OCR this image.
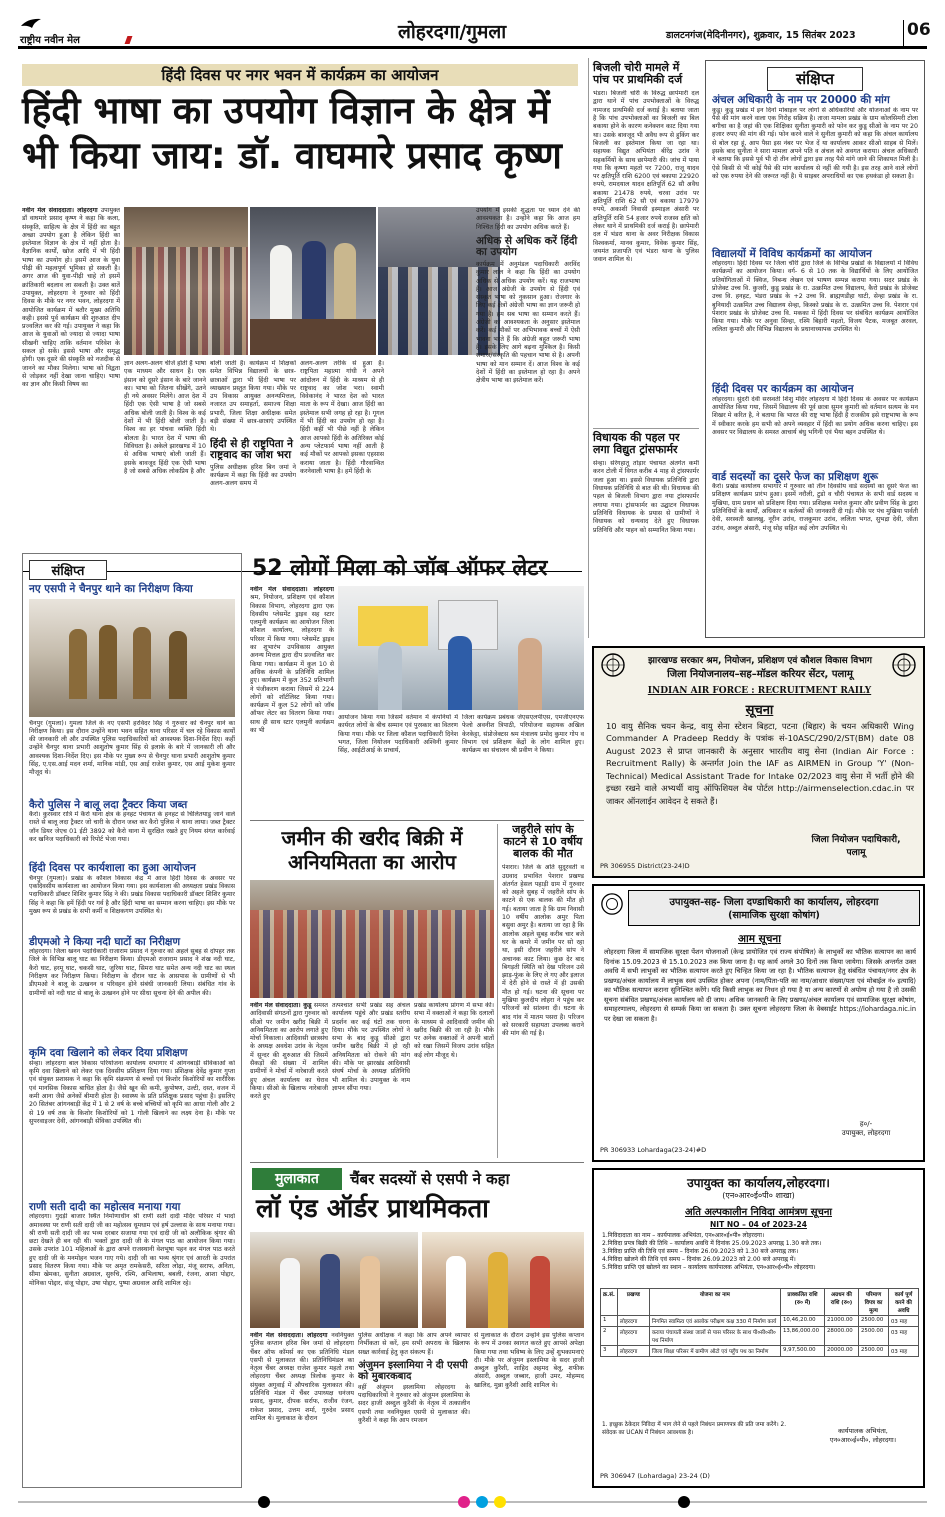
राष्ट्रीय नवीन मेल	लोहरदगा/गुमला	डालटनगंज(मेदिनीनगर), शुक्रवार, 15 सितंबर 2023	06
हिंदी दिवस पर नगर भवन में कार्यक्रम का आयोजन
हिंदी भाषा का उपयोग विज्ञान के क्षेत्र में
भी किया जाय: डॉ. वाघमारे प्रसाद कृष्ण
नवीन मेल संवाददाता। लोहरदगा उपायुक्त डॉ वाघमारे प्रसाद कृष्ण ने कहा कि कला, संस्कृति, साहित्य के क्षेत्र में हिंदी का बहुत अच्छा उपयोग हुआ है लेकिन हिंदी का इस्तेमाल विज्ञान के क्षेत्र में नहीं होता है। वैज्ञानिक कार्यों, खोज आदि में भी हिंदी भाषा का उपयोग हो। इसमें आज के युवा पीढ़ी की महत्वपूर्ण भूमिका हो सकती है। अगर आज की युवा-पीढ़ी चाहे तो इसमें क्रांतिकारी बदलाव ला सकती है। उक्त बातें उपायुक्त, लोहरदगा ने गुरुवार को हिंदी दिवस के मौके पर नगर भवन, लोहरदगा में आयोजित कार्यक्रम में बतौर मुख्य अतिथि कही। इससे पूर्व कार्यक्रम की शुरुआत दीप प्रज्वलित कर की गई। उपायुक्त ने कहा कि आज के युवाओं को ज्यादा से ज्यादा भाषा सीखनी चाहिए ताकि वर्तमान परिवेश के सकल हो सकें। इससे भाषा और समृद्ध होगी। एक दूसरे की संस्कृति को नजदीक से जानने का मौका मिलेगा। भाषा को विद्वता से जोड़कर नहीं देखा जाना चाहिए। भाषा का ज्ञान और किसी विषय का
ज्ञान अलग-अलग चीजें होती हैं भाषा एक माध्यम और साधन है। एक इंसान को दूसरे इंसान के बारे जानने का। भाषा को जितना सीखेंगे, उतने ही नये अवसर मिलेंगे। आज देश में हिंदी एक ऐसी भाषा है जो सबसे अधिक बोली जाती है। विश्व के कई देशों में भी हिंदी बोली जाती है। विश्व का हर पांचवा व्यक्ति हिंदी बोलता है। भारत देश में भाषा की विविधता है। अकेले झारखण्ड में 10 से अधिक भाषाएं बोली जाती हैं। इसके बावजूद हिंदी एक ऐसी भाषा है जो सबसे अधिक लोकप्रिय है और
बोली जाती है। कार्यक्रम में शिक्षकों समेत विभिन्न विद्यालयों के छात्र-छात्राओं द्वारा भी हिंदी भाषा पर व्याख्यान प्रस्तुत किया गया। मौके पर उप विकास आयुक्त अनन्यमित्तल, नजारत उप समाहर्ता, समाज्य शिक्षा प्रभारी, जिला शिक्षा अधीक्षक समेत बड़ी संख्या में छात्र-छात्राएं उपस्थित थे।
हिंदी से ही राष्ट्रपिता ने राष्ट्रवाद का जोश भरा
पुलिस अधीक्षक हरिश बिन जमां ने कार्यक्रम में कहा कि हिंदी का उपयोग अलग-अलग समय में
अलग-अलग तरीके से हुआ है। राष्ट्रपिता महात्मा गांधी ने अपने आंदोलन में हिंदी के माध्यम से ही राष्ट्रवाद का जोश भरा। स्वामी विवेकानंद ने भारत देश को भारत माता के रूप में देखा। आज हिंदी का इस्तेमाल सभी जगह हो रहा है। गूगल में भी हिंदी का उपयोग हो रहा है। हिंदी कहीं भी पीछे नहीं है लेकिन आज आपको हिंदी के अतिरिक्त कोई अन्य प्लेटफार्म भाषा नहीं आती है कई मौकों पर आपको इसका एहसास कराया जाता है। हिंदी गौरवान्वित करनेवाली भाषा है। हमें हिंदी के
उपयोग में इसकी शुद्धता पर ध्यान देने की आवश्यकता है। उन्होंने कहा कि आज हम निश्चित हिंदी का उपयोग अधिक करते हैं।
अधिक से अधिक करें हिंदी का उपयोग
कार्यक्रम में अनुमंडल पदाधिकारी अरविंद कुमार लाल ने कहा कि हिंदी का उपयोग अधिक से अधिक उपयोग करें। यह राजभाषा है। आज अंग्रेजी के उपयोग से हिंदी एवं संस्कृत भाषा को नुकसान हुआ। रोजगार के लिए कई क्षेत्रों अंग्रेजी भाषा का ज्ञान जरूरी हो गया है। हम सब भाषा का सम्मान करते हैं। अंग्रेजी का आवश्यकता के अनुसार इस्तेमाल करें। कई मौकों पर अभिभावक बच्चों में ऐसी भावना भरते हैं कि अंग्रेजी बहुत जरूरी भाषा है। इसके लिए आगे बढ़ना मुश्किल है। किसी समाज/संस्कृति की पहचान भाषा से है। अपनी भाषा को मान सम्मान दें। आज विश्व के कई देशों में हिंदी का इस्तेमाल हो रहा है। अपने क्षेत्रीय भाषा का इस्तेमाल करें।
बिजली चोरी मामले में पांच पर प्राथमिकी दर्ज
भंडरा। बिजली चोरी के विरुद्ध छापेमारी दल द्वारा थाने में पांच उपभोक्ताओं के विरुद्ध नामजद प्राथमिकी दर्ज कराई है। बताया जाता है कि पांच उपभोक्ताओं का बिजली का बिल बकाया होने के कारण कनेक्शन काट दिया गया था। उसके बावजूद भी अवैध रूप से हुकिंग कर बिजली का इस्तेमाल किया जा रहा था। सहायक विद्युत अभियंता बीरेंद्र उरांव ने सहकर्मियों के साथ छापेमारी की। जांच में पाया गया कि कृष्णा महतो पर 7200, राजू यादव पर क्षतिपूर्ति राशि 6200 एवं बकाया 22920 रुपये, रामदयाल यादव क्षतिपूर्ति 62 सौ अवैध बकाया 21478 रुपये, चरवा उरांव पर क्षतिपूर्ति राशि 62 सौ एवं बकाया 17979 रुपये, अकाशी निवासी इस्माइल अंसारी पर क्षतिपूर्ति राशि 54 हजार रुपये राजस्व क्षति को लेकर थाने में प्राथमिकी दर्ज कराई है। छापेमारी दल में भंडरा थाना के अवर निरीक्षक विकास विश्वकर्मा, मानव कुमार, विवेक कुमार सिंह, जयमंत प्रजापति एवं भंडरा थाना के पुलिस जवान शामिल थे।
विधायक की पहल पर लगा विद्युत ट्रांसफार्मर
सेन्हा। सेरेंगहातू तोड़ार पंचायत अंतर्गत कर्मी करन टोली में विगत करीब 4 माह से ट्रांसफार्मर जला हुआ था। इससे विधायक प्रतिनिधि द्वारा विधायक प्रतिनिधि से बात की थी। विधायक की पहल से बिजली विभाग द्वारा नया ट्रांसफार्मर लगाया गया। ट्रांसफार्मर का उद्घाटन विधायक प्रतिनिधि विधायक के प्रयास से ग्रामीणों ने विधायक को धन्यवाद देते हुए विधायक प्रतिनिधि और पाहन को सम्मानित किया गया।
संक्षिप्त
अंचल अधिकारी के नाम पर 20000 की मांग
कुडू। कुडू प्रखंड में इन दिनों मोबाइल पर लोगों से अधिकारियों और योजनाओं के नाम पर पैसे की मांग करने वाला एक गिरोह सक्रिय है। ताजा मामला प्रखंड के ग्राम कोलसिमरी टोला बगीचा का है जहां की एक शिक्षिका सुनीता कुमारी को फोन कर कुडू सीओ के नाम पर 20 हजार रुपए की मांग की गई। फोन करने वाले ने सुनीता कुमारी को कहा कि अंचल कार्यालय से बोल रहा हूं, आप पैसा इस नंबर पर भेज दें या कार्यालय आकर सीओ साहब से मिलें। इसके बाद सुनीता ने सारा मामला अपने पति व अंचल को अवगत कराया। अंचल अधिकारी ने बताया कि इससे पूर्व भी दो तीन लोगों द्वारा इस तरह पैसे मांगे जाने की शिकायत मिली है। ऐसे किसी से भी कोई पैसे की मांग कार्यालय से नहीं की गयी है। इस तरह आने वाले लोगों को एक रुपया देने की जरूरत नहीं है। ये साइबर अपराधियों का एक हथकंडा हो सकता है।
विद्यालयों में विविध कार्यक्रमों का आयोजन
लोहरदगा। हिंदी दिवस पर जिला चौरी द्वारा जिले के विभिन्न प्रखंडों के विद्यालयों में विविध कार्यक्रमों का आयोजन किया। वर्ग- 6 से 10 तक के विद्यार्थियों के लिए आयोजित प्रतियोगिताओं में क्विज, निबन्ध लेखन एवं भाषण सम्पन्न कराया गया। सदर प्रखंड के प्रोजेक्ट उच्च वि. कुजरी, कुडू प्रखंड के रा. उत्क्रमित उच्च विद्यालय, कैरो प्रखंड के प्रोजेक्ट उच्च वि. हनहट, भंडरा प्रखंड के +2 उच्च वि. ब्राह्मणडीहा घाटी, सेन्हा प्रखंड के रा. बुनियादी उत्क्रमित उच्च विद्यालय सेन्हा, किस्को प्रखंड के रा. उत्क्रमित उच्च वि. पेशरार एवं पेशरार प्रखंड के प्रोजेक्ट उच्च वि. मकका में हिंदी दिवस पर संबंधित कार्यक्रम आयोजित किया गया। मौके पर अनुवा सिन्हा, रश्मि बिहारी महतो, विजय पैटक, मजबूत अरवल, ललिता कुमारी और विभिन्न विद्यालय के प्रधानाध्यापक उपस्थित थे।
हिंदी दिवस पर कार्यक्रम का आयोजन
लोहरदगा। सुंदरी देवी सरस्वती शिशु मंदिर लोहरदगा में हिंदी दिवस के अवसर पर कार्यक्रम आयोजित किया गया, जिसमें विद्यालय की पूर्व छात्रा सुमन कुमारी को वर्तमान सत्यम के मन शिखर मे करित है, ने बताया कि भारत की राष्ट्र भाषा हिंदी है राजकीय इसे राष्ट्रभाषा के रूप में स्वीकार करके हम सभी को अपने व्यवहार में हिंदी का प्रयोग अधिक करना चाहिए। इस अवसर पर विद्यालय के समस्त आचार्य बंधु भगिनी एवं भैया बहन उपस्थित थे।
वार्ड सदस्यों का दूसरे फेज का प्रशिक्षण शुरू
कैरो। प्रखंड कार्यालय सभागार में गुरुवार को तीन दिवसीय वार्ड सदस्यों का दूसरे फेज का प्रशिक्षण कार्यक्रम प्रारंभ हुआ। इसमें नरौली, टुडो व चौरी पंचायत के सभी वार्ड सदस्य व मुखिया, ग्राम प्रधान को प्रशिक्षण दिया गया। प्रशिक्षक मनोज कुमार और प्रवीण सिंह के द्वारा प्रतिनिधियों के कार्यों, अधिकार व कर्तव्यों की जानकारी दी गई। मौके पर पंच मुखिया पार्वती देवी, सरस्वती खालखु, नूरीन उरांव, राजकुमार उरांव, ललिता भगत, सुभद्रा देवी, जीता उरांव, अब्दुल अंसारी, मंजू सोह सहित कई लोग उपस्थित थे।
संक्षिप्त
नए एसपी ने चैनपुर थाने का निरीक्षण किया
चैनपुर (गुमला)। गुमला जिले के नए एसपी हरविंदर सिंह ने गुरुवार को चैनपुर थाने का निरीक्षण किया। इस दौरान उन्होंने थाना भवन सहित थाना परिसर में चल रहे विकास कार्यों की जानकारी ली और उपस्थित पुलिस पदाधिकारियों को आवश्यक दिशा-निर्देश दिए। कहीं उन्होंने चैनपुर थाना प्रभारी आशुतोष कुमार सिंह से इलाके के बारे में जानकारी ली और आवश्यक दिशा-निर्देश दिए। इस मौके पर मुख्य रूप से चैनपुर थाना प्रभारी आशुतोष कुमार सिंह, ए.एस.आई मदन शर्मा, मानिक मांडी, एस आई राजेश कुमार, एस आई मुकेश कुमार मौजूद थे।
कैरो पुलिस ने बालू लदा ट्रैक्टर किया जब्त
कैरो। कुरस्वार रात्रि में कैरो थाना क्षेत्र के हनहट पंचायत के हनहट से चिलितयाडु जाने वाले रास्ते से बालू लदा ट्रैक्टर जो चारी के दौरान जब्त कर कैरो पुलिस ने थाना लाया। जब्त ट्रैक्टर जॉन डियर जेएच 01 ईटी 3892 को कैरो थाना में सुरक्षित रखते हुए नियम संगत कार्रवाई कर खनिज पदाधिकारी को रिपोर्ट भेजा गया।
हिंदी दिवस पर कार्यशाला का हुआ आयोजन
चैनपुर (गुमला)। प्रखंड के कौशल विकास केंद्र में आज हिंदी दिवस के अवसर पर एकदिवसीय कार्यशाला का आयोजन किया गया। इस कार्यशाला की अध्यक्षता प्रखंड विकास पदाधिकारी डॉक्टर शिशिर कुमार सिंह ने की। प्रखंड विकास पदाधिकारी डॉक्टर शिशिर कुमार सिंह ने कहा कि हमें हिंदी पर गर्व है और हिंदी भाषा का सम्मान करना चाहिए। इस मौके पर मुख्य रूप से प्रखंड के सभी कर्मी व शिक्षकगण उपस्थित थे।
डीएमओ ने किया नदी घाटों का निरीक्षण
लोहरदगा। जिला खनन पदाधिकारी राजाराम प्रसाद ने गुरुवार को अहले सुबह से दोपहर तक जिले के विभिन्न बालू घाट का निरीक्षण किया। डीएमओ राजाराम प्रसाद ने शंख नदी घाट, कैरो घाट, हरमू घाट, चकसी घाट, जुरिया घाट, सिमरा घाट समेत अन्य नदी घाट का स्थल निरीक्षण कर निरीक्षण किया। निरीक्षण के दौरान घाट के आसपास के ग्रामीणों से भी डीएमओ ने बालू के उत्खनन व परिवहन होने संबंधी जानकारी लिया। संबंधित गांव के ग्रामीणों को नदी घाट से बालू के उत्खनन होने पर सीधा सूचना देने की अपील की।
कृमि दवा खिलाने को लेकर दिया प्रशिक्षण
सेन्हा। लोहरदगा बाल विकास परियोजना कार्यालय सभागार में आंगनबाड़ी सेविकाओं को कृमि दवा खिलाने को लेकर एक दिवसीय प्रशिक्षण दिया गया। प्रशिक्षक देवेंद्र कुमार गुप्ता एवं संयुक्त प्रशासक ने कहा कि कृमि संक्रमण से बच्चों एवं किशोर किशोरियों का शारीरिक एवं मानसिक विकास बाधित होता है। जैसे खून की कमी, कुपोषण, उल्टी, दस्त, वजन में कमी आना जैसे अनेकों बीमारी होता है। स्वास्थ्य के प्रति प्रशिक्षुक प्रसाद पहुंचा है। इसलिए 20 सितंबर आंगनबाड़ी केंद्र में 1 से 2 वर्ष के बच्चे बच्चियों को कृमि का आधा गोली और 2 से 19 वर्ष तक के किशोर किशोरियों को 1 गोली खिलाने का लक्ष्य देना है। मौके पर सुपरवाइजर देवी, आंगनबाड़ी सेविका उपस्थित थी।
राणी सती दादी का महोत्सव मनाया गया
लोहरदगा। गुदड़ी बाजार स्थित निर्माणाधीन श्री राणी सती दादी मंदिर परिसर में भादो अमावस्या पर राणी सती दादी जी का महोत्सव धूमधाम एवं हर्ष उल्लास के साथ मनाया गया। श्री राणी सती दादी जी का भव्य दरबार सजाया गया एवं दादी जी को अलौकिक श्रृंगार की छटा देखते ही बन रही थी। भक्तों द्वारा दादी जी के मंगल पाठ का आयोजन किया गया। उसके उपरांत 101 महिलाओं के द्वारा अपने राजस्थानी वेशभूषा पहन कर मंगल पाठ करते हुए दादी जी के मनमोहन भजन गाए गये। दादी जी का भव्य श्रृंगार एवं आरती के उपरांत प्रसाद वितरण किया गया। मौके पर अमृत रामकेसरी, सरिता लोढ़ा, मंजू सराफ, अनिता, सीमा खेमका, सुनीता अग्रवाल, सुरुचि, रश्मि, अभिलाषा, बबली, रंजना, आशा पोद्दार, मोनिका पोद्दार, संजू पोद्दार, उषा पोद्दार, पुष्पा अग्रवाल आदि शामिल रहे।
52 लोगों मिला को जॉब ऑफर लेटर
नवीन मेल संवाददाता। लोहरदगा श्रम, नियोजन, प्रशिक्षण एवं कौशल विकास विभाग, लोहरदगा द्वारा एक दिवसीय प्लेसमेंट ड्राइव सह स्टार एलमुनी कार्यक्रम का आयोजन जिला कौशल कार्यालय, लोहरदगा के परिसर में किया गया। प्लेसमेंट ड्राइव का शुभारंभ उपविकास आयुक्त अनन्य मित्तल द्वारा दीप प्रज्वलित कर किया गया। कार्यक्रम में कुल 10 से अधिक कंपनी के प्रतिनिधि शामिल हुए। कार्यक्रम में कुल 352 प्रतिभागी ने पंजीकरण कराया जिसमें से 224 लोगों को शॉर्टलिस्ट किया गया। कार्यक्रम में कुल 52 लोगों को जॉब ऑफर लेटर का वितरण किया गया। साथ ही साथ स्टार एलमुनी कार्यक्रम का भी
आयोजन किया गया जिसमें वर्तमान में कंपनियों में कार्यरत लोगों के बीच सम्मान एवं पुरस्कार का वितरण किया गया। मौके पर जिला कौशल पदाधिकारी दिनेश भगत, जिला नियोजन पदाधिकारी अश्विनी कुमार सिंह, आईटीआई के प्राचार्य,
जिला कार्यक्रम प्रबंधक जेएसएलपीएस, एमजीएनएफ फेलो अवनीश त्रिपाठी, परियोजना सहायक अखिल केरकेट्टा, संप्रोजेक्टस श्रम मंत्रालय प्रमोद कुमार गोप व विभाग एवं प्रशिक्षण केंद्रों के लोग शामिल हुए। कार्यक्रम का संचालन श्री प्रवीण ने किया।
जमीन की खरीद बिक्री में
अनियमितता का आरोप
नवीन मेल संवाददाता। कुडू समस्त आदिवासी संगठनों द्वारा गुरुवार को सीओ पर जमीन खरीद बिक्री में अनियमितता का आरोप लगाते हुए मोर्चा निकाला। आदिवासी छात्रसंघ के अध्यक्ष अवधेश उरांव के नेतृत्व में सुन्दर की शुरुआत की जिसमें सैकड़ों की संख्या में शामिल ग्रामीणों ने मोर्चा में नारेबाजी करते हुए अंचल कार्यालय का घेराव किया। सीओ के खिलाफ नारेबाजी करते हुए
तत्पश्चात सभी प्रखंड सह अंचल कार्यालय पहुंचे और प्रखंड स्तरीय प्रदर्शन कर कई घंटों तक धरना दिया। मौके पर उपस्थित लोगों ने सभा के बाद कुडू सीओ द्वारा जमीन खरीद बिक्री में हो रही अनियमितता को रोकने की मांग की। मौके पर झारखंड आदिवासी संघर्ष मोर्चा के अध्यक्ष प्रतिनिधि भी शामिल थे। उपायुक्त के नाम ज्ञापन सौंपा गया।
प्रखंड कार्यालय प्रांगण में सभा की। सभा में वक्ताओं ने कहा कि दलालों के माध्यम से आदिवासी जमीन की खरीद बिक्री की जा रही है। मौके पर अनेक वक्ताओं ने अपनी बातों को रखा जिसमें विजय उरांव सहित कई लोग मौजूद थे।
जहरीले सांप के काटने से 10 वर्षीय बालक की मौत
पेशरार। जिले के अति सुदूरवर्ती व उग्रवाद प्रभावित पेशरार प्रखण्ड अंतर्गत हेसल पहाड़ी ग्राम में गुरुवार को अहले सुबह में जहरीले सांप के काटने से एक बालक की मौत हो गई। बताया जाता है कि ग्राम निवासी 10 वर्षीय आलोक अमुर पिता बसुवा अमुर है। बताया जा रहा है कि आलोक अहले सुबह करीब चार बजे घर के कमरे में जमीन पर सो रहा था, इसी दौरान जहरीले सांप ने अचानक काट लिया। कुछ देर बाद बिगड़ती स्थिति को देख परिजन उसे झाड़-फूंक के लिए ले गए और इलाज में देरी होने से रास्ते में ही उसकी मौत हो गई। घटना की सूचना पर मुखिया कुलदीप लोहरा ने पहुंच कर परिजनों को सांत्वना दी। घटना के बाद गांव में मातम पसरा है। परिजन को सरकारी सहायता उपलब्ध कराने की मांग की गई है।
मुलाकात	चैंबर सदस्यों से एसपी ने कहा
लॉ एंड ऑर्डर प्राथमिकता
नवीन मेल संवाददाता। लोहरदगा नवनियुक्त पुलिस कप्तान हरिश बिन जमां से लोहरदगा चैंबर ऑफ कॉमर्स का एक प्रतिनिधि मंडल एसपी से मुलाकात की। प्रतिनिधिमंडल का नेतृत्व चैंबर अध्यक्ष राजेश कुमार महतो तथा लोहरदगा चैंबर अध्यक्ष त्रिलोक कुमार के संयुक्त अगुवाई में औपचारिक मुलाकात की। प्रतिनिधि मंडल में चैंबर उपाध्यक्ष धनंजय प्रसाद, कुमार, दीपक सर्राफ, राजीव रंजन, राकेश प्रसाद, उत्तम शर्मा, गुरुदेव प्रसाद शामिल थे। मुलाकात के दौरान
पुलिस अधीक्षक ने कहा कि आप अपने व्यापार निर्भीकता से करें, हम सभी अपराध के खिलाफ सख्त कार्रवाई हेतु कृत संकल्प हैं।
अंजुमन इस्लामिया ने दी एसपी को मुबारकबाद
वहीं अंजुमन इस्लामिया लोहरदगा के पदाधिकारियों ने गुरुवार को अंजुमन इस्लामिया के सदर हाजी अब्दुल कुरैशी के नेतृत्व में तत्कालीन एसपी तथा नवनियुक्त एसपी से मुलाकात की। कुरैशी ने कहा कि आप रमजान
से मुलाकात के दौरान उन्होंने इस पुलिस कप्तान के रूप में उनका स्वागत करते हुए आपसे अपेक्षा किया गया तथा भविष्य के लिए उन्हें शुभकामनाएं दी। मौके पर अंजुमन इस्लामिया के सदर हाजी अब्दुल कुरैशी, शाहिद अहमद बेलू, शफीक अंसारी, अब्दुल जब्बार, हाजी उमर, मोहम्मद खालिद, मुन्ना कुरैशी आदि शामिल थे।
झारखण्ड सरकार श्रम, नियोजन, प्रशिक्षण एवं कौशल विकास विभाग
जिला नियोजनालय–सह–मॉडल करियर सेंटर, पलामू
INDIAN AIR FORCE : RECRUITMENT RAILY
सूचना
10 वायु सैनिक चयन केन्द्र, वायु सेना स्टेशन बिहटा, पटना (बिहार) के चयन अधिकारी Wing Commander A Pradeep Reddy के पत्रांक सं-10ASC/290/2/ST(BM) date 08 August 2023 से प्राप्त जानकारी के अनुसार भारतीय वायु सेना (Indian Air Force : Recruitment Rally) के अन्तर्गत Join the IAF as AIRMEN in Group 'Y' (Non-Technical) Medical Assistant Trade for Intake 02/2023 वायु सेना में भर्ती होने की इच्छा रखने वाले अभ्यर्थी वायु ऑफिशियल वेब पोर्टल http://airmenselection.cdac.in पर जाकर ऑनलाईन आवेदन दे सकते हैं।
जिला नियोजन पदाधिकारी,
पलामू
PR 306955 District(23-24)D
उपायुक्त-सह- जिला दण्डाधिकारी का कार्यालय, लोहरदगा
(सामाजिक सुरक्षा कोषांग)
आम सूचना
लोहरदगा जिला में सामाजिक सुरक्षा पेंशन योजनाओं (केन्द्र प्रायोजित एवं राज्य संपोषित) के लाभुकों का भौतिक सत्यापन का कार्य दिनांक 15.09.2023 से 15.10.2023 तक किया जाना है। यह कार्य अगले 30 दिनों तक किया जायेगा। जिसके अन्तर्गत उक्त अवधि में सभी लाभुकों का भौतिक सत्यापन करते हुए चिन्हित किया जा रहा है। भौतिक सत्यापन हेतु संबंधित पंचायत/नगर क्षेत्र के प्रखण्ड/अंचल कार्यालय में लाभुक स्वयं उपस्थित होकर अपना (नाम/पिता-पति का नाम/आधार संख्या/पता एवं मोबाईल नं० इत्यादि) का भौतिक सत्यापन कराना सुनिश्चित करेंगे। यदि किसी लाभुक का निधन हो गया है या अन्य कारणों से अयोग्य हो गया है तो उसकी सूचना संबंधित प्रखण्ड/अंचल कार्यालय को दी जाय। अधिक जानकारी के लिए प्रखण्ड/अंचल कार्यालय एवं सामाजिक सुरक्षा कोषांग, समाहरणालय, लोहरदगा से सम्पर्क किया जा सकता है। उक्त सूचना लोहरदगा जिला के वेबसाईट https://lohardaga.nic.in पर देखा जा सकता है।
ह०/-
उपायुक्त, लोहरदगा
PR 306933 Lohardaga(23-24)#D
उपायुक्त का कार्यालय,लोहरदगा।
(एन०आर०ई०पी० शाखा)
अति अल्पकालीन निविदा आमंत्रण सूचना
NIT NO – 04 of 2023-24
1.निविदादाता का नाम – कार्यपालक अभियंता, एन०आर०ई०पी० लोहरदगा।
2.निविदा प्रपत्र बिक्री की तिथि – कार्यालय अवधि में दिनांक 25.09.2023 अपराह्न 1.30 बजे तक।
3.निविदा प्राप्ति की तिथि एवं समय – दिनांक 26.09.2023 को 1.30 बजे अपराह्न तक।
4.निविदा खोलने की तिथि एवं समय – दिनांक 26.09.2023 को 2.00 बजे अपराह्न में।
5.निविदा प्राप्ति एवं खोलने का स्थान – कार्यालय कार्यपालक अभियंता, एन०आर०ई०पी० लोहरदगा।
क्र.सं.	प्रखण्ड	योजना का नाम	प्राक्कलित राशि (रु० में)	अग्रधन की राशि (रु०)	परिमाण विपत्र का मूल्य	कार्य पूर्ण करने की अवधि
1	लोहरदगा	निगमित स्वामित्व एवं आलोक परीक्षण कक्ष 330 में निर्माण कार्य	10,46,20.00	21000.00	2500.00	03 माह
2	लोहरदगा	कराया पंचायती संस्था जालों से पास परिसर के साथ पी०सी०सी० पथ निर्माण	13,86,000.00	28000.00	2500.00	03 माह
3	लोहरदगा	जिला शिक्षा परिसर में ग्रामीण ऑटो एवं पहुँच पथ का निर्माण	9,97,500.00	20000.00	2500.00	03 माह
1. इच्छुक ठेकेदार निविदा में भाग लेने से पहले निबंधन प्रमाणपत्र की प्रति जमा करेंगे। 2. संवेदक का UCAN में निबंधन आवश्यक है।	कार्यपालक अभियंता,
एन०आर०ई०पी०, लोहरदगा।
PR 306947 (Lohardaga) 23-24 (D)
